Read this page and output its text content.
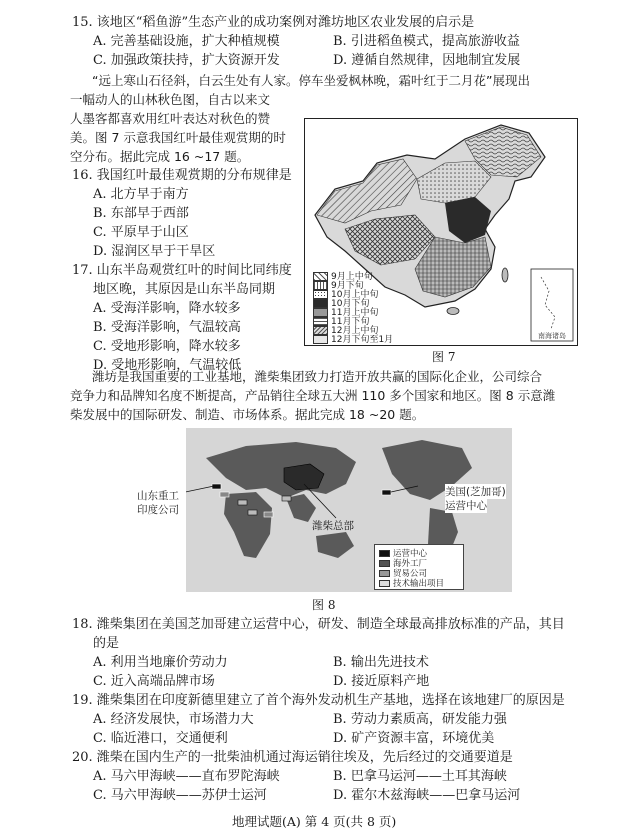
15. 该地区“稻鱼游”生态产业的成功案例对潍坊地区农业发展的启示是
A. 完善基础设施，扩大种植规模	B. 引进稻鱼模式，提高旅游收益
C. 加强政策扶持，扩大资源开发	D. 遵循自然规律，因地制宜发展
“远上寒山石径斜，白云生处有人家。停车坐爱枫林晚，霜叶红于二月花”展现出
一幅动人的山林秋色图，自古以来文
人墨客都喜欢用红叶表达对秋色的赞
美。图 7 示意我国红叶最佳观赏期的时
空分布。据此完成 16 ~17 题。
16. 我国红叶最佳观赏期的分布规律是
A. 北方早于南方
B. 东部早于西部
C. 平原早于山区
D. 湿润区早于干旱区
17. 山东半岛观赏红叶的时间比同纬度
地区晚，其原因是山东半岛同期
A. 受海洋影响，降水较多
B. 受海洋影响，气温较高
C. 受地形影响，降水较多
D. 受地形影响，气温较低
南海诸岛
9月上中旬
9月下旬
10月上中旬
10月下旬
11月上中旬
11月下旬
12月上中旬
12月下旬至1月
图 7
潍坊是我国重要的工业基地，潍柴集团致力打造开放共赢的国际化企业，公司综合
竞争力和品牌知名度不断提高，产品销往全球五大洲 110 多个国家和地区。图 8 示意潍
柴发展中的国际研发、制造、市场体系。据此完成 18 ~20 题。
运营中心
海外工厂
贸易公司
技术输出项目
山东重工
印度公司
潍柴总部
美国(芝加哥)
运营中心
图 8
18. 潍柴集团在美国芝加哥建立运营中心，研发、制造全球最高排放标准的产品，其目
的是
A. 利用当地廉价劳动力	B. 输出先进技术
C. 近入高端品牌市场	D. 接近原料产地
19. 潍柴集团在印度新德里建立了首个海外发动机生产基地，选择在该地建厂的原因是
A. 经济发展快，市场潜力大	B. 劳动力素质高，研发能力强
C. 临近港口，交通便利	D. 矿产资源丰富，环境优美
20. 潍柴在国内生产的一批柴油机通过海运销往埃及，先后经过的交通要道是
A. 马六甲海峡——直布罗陀海峡	B. 巴拿马运河——土耳其海峡
C. 马六甲海峡——苏伊士运河	D. 霍尔木兹海峡——巴拿马运河
地理试题(A) 第 4 页(共 8 页)
